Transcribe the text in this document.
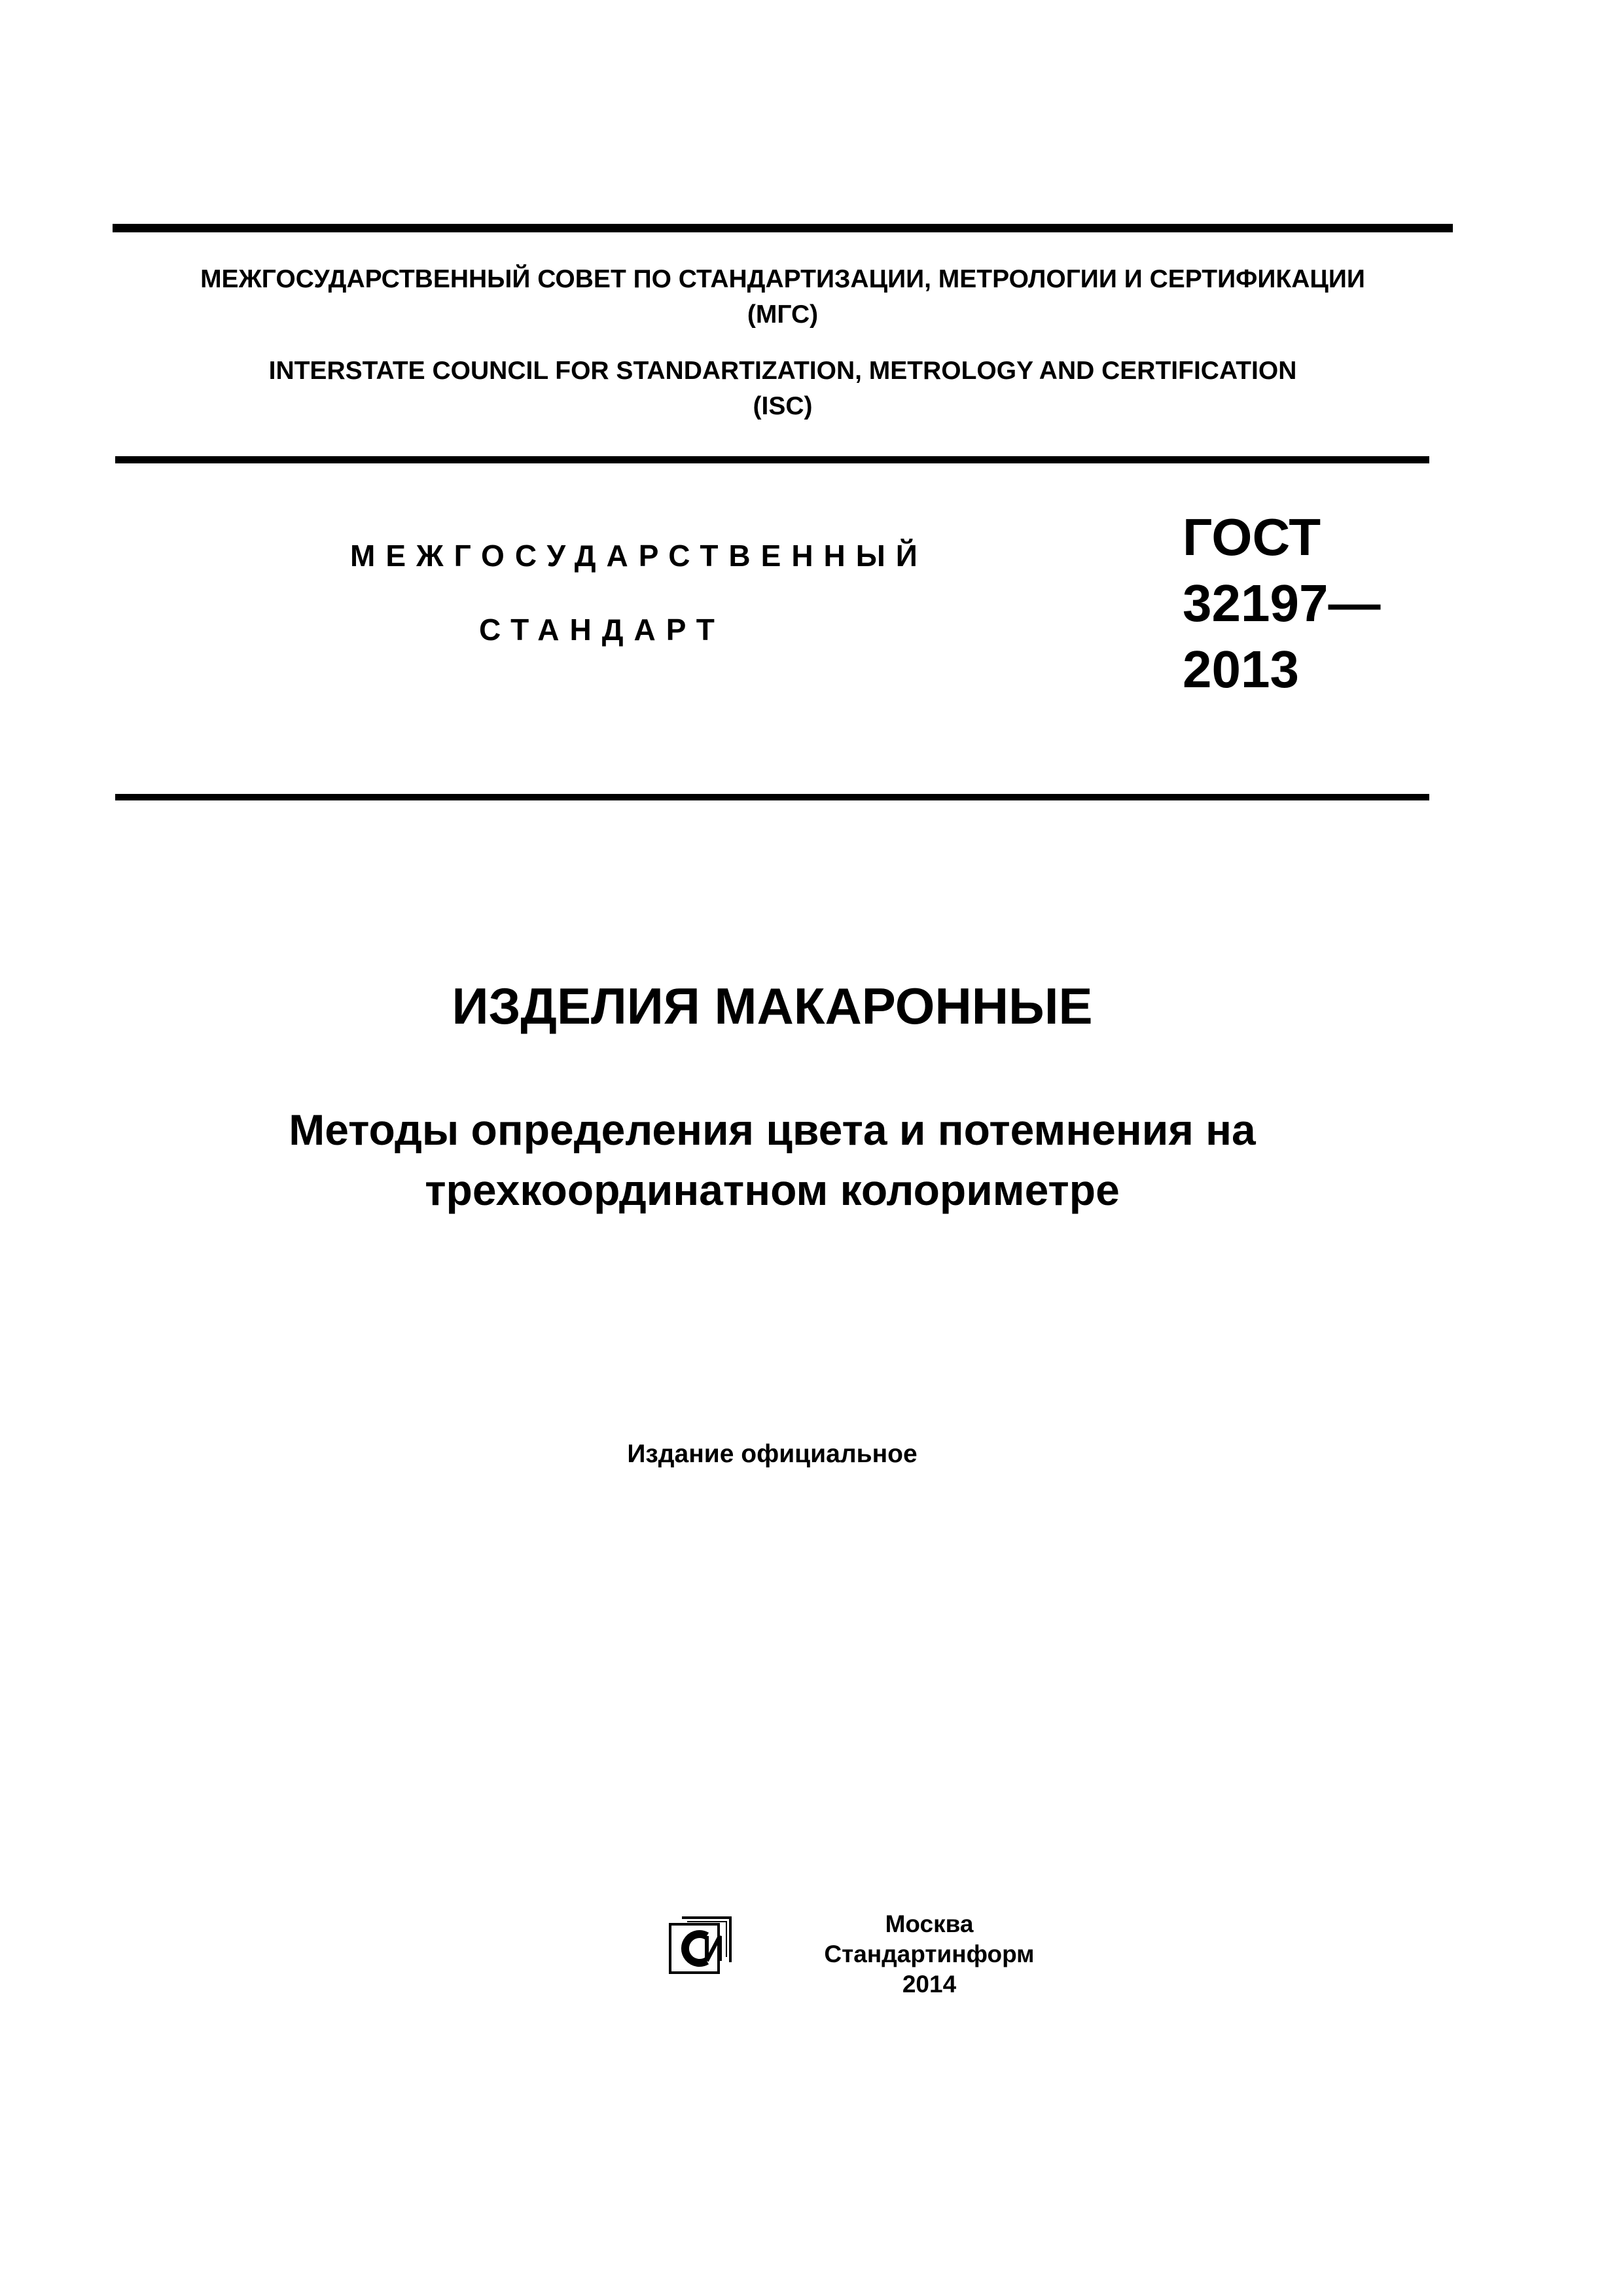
МЕЖГОСУДАРСТВЕННЫЙ СОВЕТ ПО СТАНДАРТИЗАЦИИ, МЕТРОЛОГИИ И СЕРТИФИКАЦИИ
(МГС)
INTERSTATE COUNCIL FOR STANDARTIZATION, METROLOGY AND CERTIFICATION
(ISC)
МЕЖГОСУДАРСТВЕННЫЙ
СТАНДАРТ
ГОСТ
32197—
2013
ИЗДЕЛИЯ МАКАРОННЫЕ
Методы определения цвета и потемнения на
трехкоординатном колориметре
Издание официальное
Москва
Стандартинформ
2014
